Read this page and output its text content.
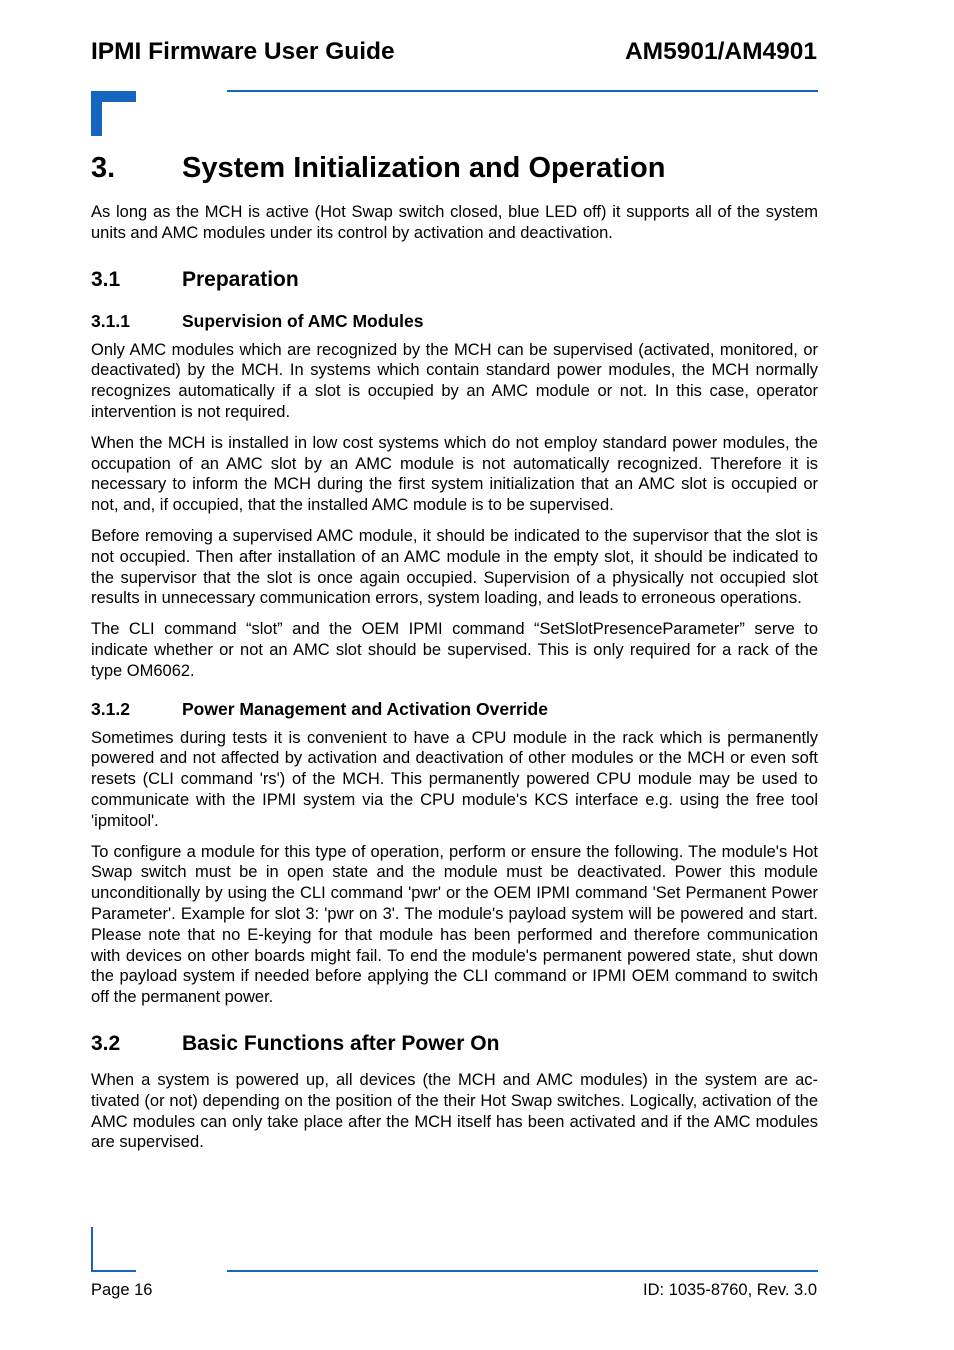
IPMI Firmware User Guide	AM5901/AM4901
3.	System Initialization and Operation

As long as the MCH is active (Hot Swap switch closed, blue LED off) it supports all of the system units and AMC modules under its control by activation and deactivation.

3.1	Preparation
3.1.1	Supervision of AMC Modules

Only AMC modules which are recognized by the MCH can be supervised (activated, monitored, or deactivated) by the MCH. In systems which contain standard power modules, the MCH normally recognizes automatically if a slot is occupied by an AMC module or not. In this case, operator intervention is not required.

When the MCH is installed in low cost systems which do not employ standard power modules, the occupation of an AMC slot by an AMC module is not automatically recognized. Therefore it is necessary to inform the MCH during the first system initialization that an AMC slot is occupied or not, and, if occupied, that the installed AMC module is to be supervised.

Before removing a supervised AMC module, it should be indicated to the supervisor that the slot is not occupied. Then after installation of an AMC module in the empty slot, it should be indicated to the supervisor that the slot is once again occupied. Supervision of a physically not occupied slot results in unnecessary communication errors, system loading, and leads to erroneous operations.

The CLI command “slot” and the OEM IPMI command “SetSlotPresenceParameter” serve to indicate whether or not an AMC slot should be supervised. This is only required for a rack of the type OM6062.

3.1.2	Power Management and Activation Override

Sometimes during tests it is convenient to have a CPU module in the rack which is permanently powered and not affected by activation and deactivation of other modules or the MCH or even soft resets (CLI command 'rs') of the MCH. This permanently powered CPU module may be used to communicate with the IPMI system via the CPU module's KCS interface e.g. using the free tool 'ipmitool'.

To configure a module for this type of operation, perform or ensure the following. The module's Hot Swap switch must be in open state and the module must be deactivated. Power this module unconditionally by using the CLI command 'pwr' or the OEM IPMI command 'Set Permanent Power Parameter'. Example for slot 3: 'pwr on 3'. The module's payload system will be powered and start. Please note that no E-keying for that module has been performed and therefore communication with devices on other boards might fail. To end the module's permanent powered state, shut down the payload system if needed before applying the CLI command or IPMI OEM command to switch off the permanent power.

3.2	Basic Functions after Power On

When a system is powered up, all devices (the MCH and AMC modules) in the system are activated (or not) depending on the position of the their Hot Swap switches. Logically, activation of the AMC modules can only take place after the MCH itself has been activated and if the AMC modules are supervised.

Page 16	ID: 1035-8760, Rev. 3.0
